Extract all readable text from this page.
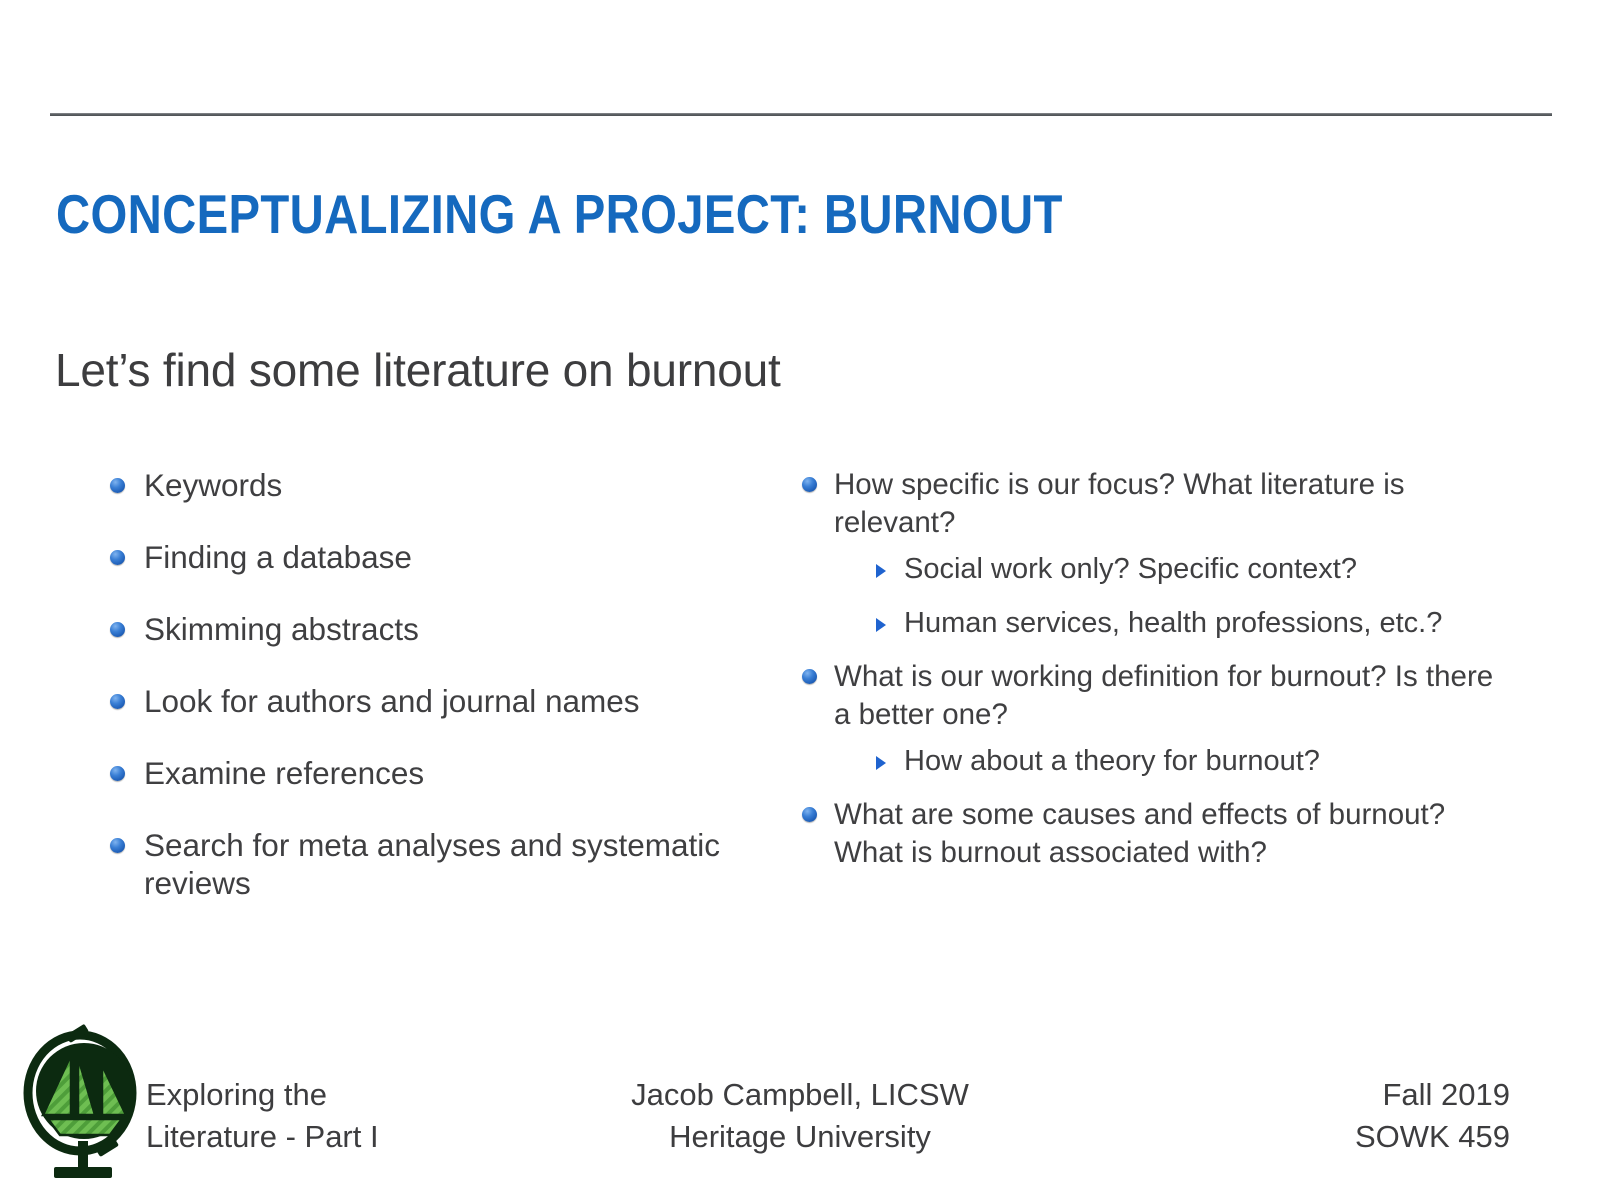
CONCEPTUALIZING A PROJECT: BURNOUT
Let’s find some literature on burnout
Keywords
Finding a database
Skimming abstracts
Look for authors and journal names
Examine references
Search for meta analyses and systematic reviews
How specific is our focus? What literature is relevant?
Social work only? Specific context?
Human services, health professions, etc.?
What is our working definition for burnout? Is there a better one?
How about a theory for burnout?
What are some causes and effects of burnout? What is burnout associated with?
Exploring the
Literature - Part I
Jacob Campbell, LICSW
Heritage University
Fall 2019
SOWK 459
